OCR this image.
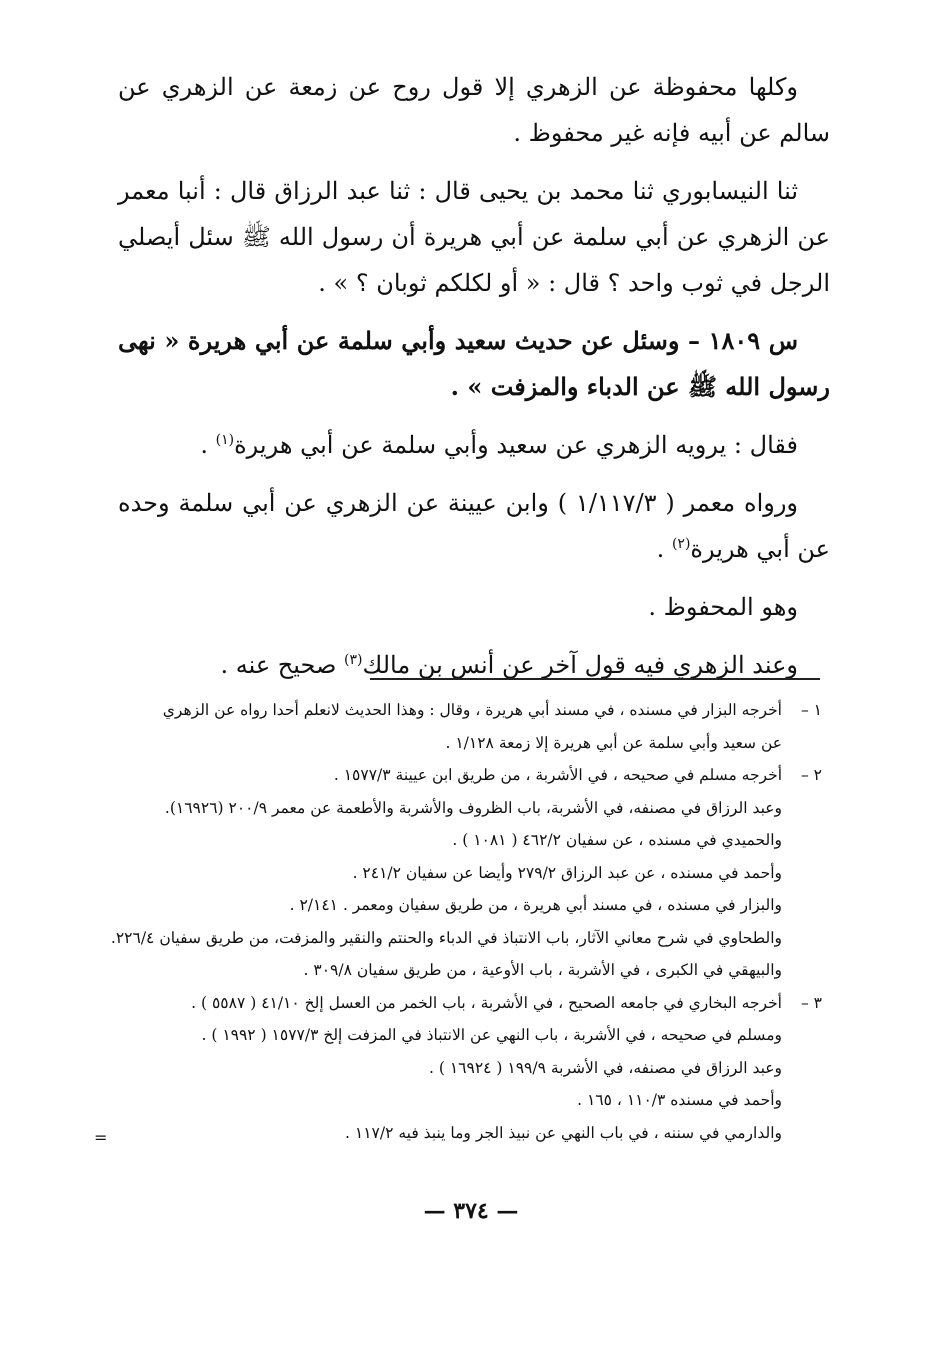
وكلها محفوظة عن الزهري إلا قول روح عن زمعة عن الزهري عن سالم عن أبيه فإنه غير محفوظ .

ثنا النيسابوري ثنا محمد بن يحيى قال : ثنا عبد الرزاق قال : أنبا معمر عن الزهري عن أبي سلمة عن أبي هريرة أن رسول الله ﷺ سئل أيصلي الرجل في ثوب واحد ؟ قال : « أو لكلكم ثوبان ؟ » .

س ١٨٠٩ – وسئل عن حديث سعيد وأبي سلمة عن أبي هريرة « نهى رسول الله ﷺ عن الدباء والمزفت » .

فقال : يرويه الزهري عن سعيد وأبي سلمة عن أبي هريرة$^{(١)}$ .

ورواه معمر ( ١/١١٧/٣ ) وابن عيينة عن الزهري عن أبي سلمة وحده عن أبي هريرة$^{(٢)}$ .

وهو المحفوظ .

وعند الزهري فيه قول آخر عن أنس بن مالك$^{(٣)}$ صحيح عنه .

١ –
أخرجه البزار في مسنده ، في مسند أبي هريرة ، وقال : وهذا الحديث لانعلم أحدا رواه عن الزهري
عن سعيد وأبي سلمة عن أبي هريرة إلا زمعة ١/١٢٨ .
٢ –
أخرجه مسلم في صحيحه ، في الأشربة ، من طريق ابن عيينة ١٥٧٧/٣ .
وعبد الرزاق في مصنفه، في الأشربة، باب الظروف والأشربة والأطعمة عن معمر ٢٠٠/٩ (١٦٩٢٦).
والحميدي في مسنده ، عن سفيان ٤٦٢/٢ ( ١٠٨١ ) .
وأحمد في مسنده ، عن عبد الرزاق ٢٧٩/٢ وأيضا عن سفيان ٢٤١/٢ .
والبزار في مسنده ، في مسند أبي هريرة ، من طريق سفيان ومعمر . ٢/١٤١ .
والطحاوي في شرح معاني الآثار، باب الانتباذ في الدباء والحنتم والنقير والمزفت، من طريق سفيان ٢٢٦/٤.
والبيهقي في الكبرى ، في الأشربة ، باب الأوعية ، من طريق سفيان ٣٠٩/٨ .
٣ –
أخرجه البخاري في جامعه الصحيح ، في الأشربة ، باب الخمر من العسل إلخ ٤١/١٠ ( ٥٥٨٧ ) .
ومسلم في صحيحه ، في الأشربة ، باب النهي عن الانتباذ في المزفت إلخ ١٥٧٧/٣ ( ١٩٩٢ ) .
وعبد الرزاق في مصنفه، في الأشربة ١٩٩/٩ ( ١٦٩٢٤ ) .
وأحمد في مسنده ١١٠/٣ ، ١٦٥ .
والدارمي في سننه ، في باب النهي عن نبيذ الجر وما ينبذ فيه ١١٧/٢ .
=
— ٣٧٤ —
